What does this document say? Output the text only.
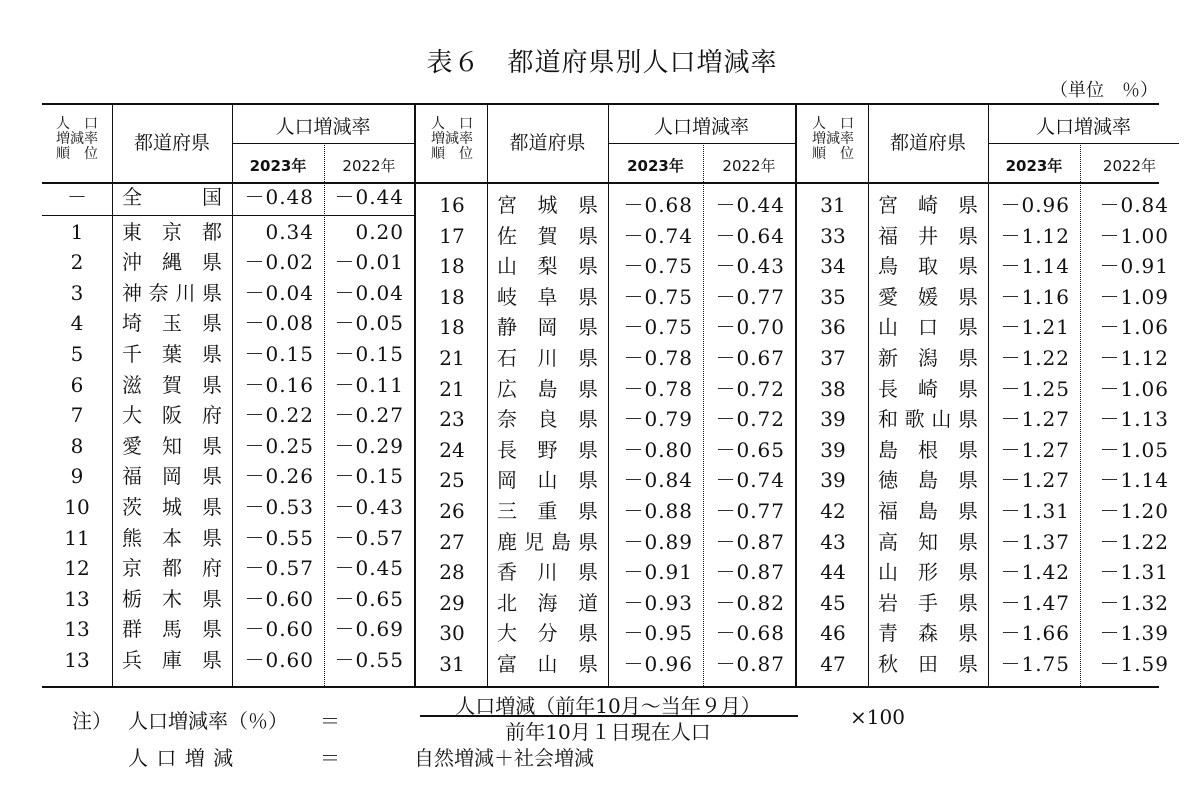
表６　都道府県別人口増減率
（単位　％）
人　口
増減率
順　位	都道府県
人口増減率
2023年	2022年
人　口
増減率
順　位	都道府県
人口増減率
2023年	2022年
人　口
増減率
順　位	都道府県
人口増減率
2023年	2022年
－	全	国	－0.48	－0.44
1	東 京 都	0.34	0.20
2	沖 縄 県	－0.02	－0.01
3	神 奈 川 県	－0.04	－0.04
4	埼 玉 県	－0.08	－0.05
5	千 葉 県	－0.15	－0.15
6	滋 賀 県	－0.16	－0.11
7	大 阪 府	－0.22	－0.27
8	愛 知 県	－0.25	－0.29
9	福 岡 県	－0.26	－0.15
10	茨 城 県	－0.53	－0.43
11	熊 本 県	－0.55	－0.57
12	京 都 府	－0.57	－0.45
13	栃 木 県	－0.60	－0.65
13	群 馬 県	－0.60	－0.69
13	兵 庫 県	－0.60	－0.55
16	宮 城 県	－0.68	－0.44
17	佐 賀 県	－0.74	－0.64
18	山 梨 県	－0.75	－0.43
18	岐 阜 県	－0.75	－0.77
18	静 岡 県	－0.75	－0.70
21	石 川 県	－0.78	－0.67
21	広 島 県	－0.78	－0.72
23	奈 良 県	－0.79	－0.72
24	長 野 県	－0.80	－0.65
25	岡 山 県	－0.84	－0.74
26	三 重 県	－0.88	－0.77
27	鹿 児 島 県	－0.89	－0.87
28	香 川 県	－0.91	－0.87
29	北 海 道	－0.93	－0.82
30	大 分 県	－0.95	－0.68
31	富 山 県	－0.96	－0.87
31	宮 崎 県	－0.96	－0.84
33	福 井 県	－1.12	－1.00
34	鳥 取 県	－1.14	－0.91
35	愛 媛 県	－1.16	－1.09
36	山 口 県	－1.21	－1.06
37	新 潟 県	－1.22	－1.12
38	長 崎 県	－1.25	－1.06
39	和 歌 山 県	－1.27	－1.13
39	島 根 県	－1.27	－1.05
39	徳 島 県	－1.27	－1.14
42	福 島 県	－1.31	－1.20
43	高 知 県	－1.37	－1.22
44	山 形 県	－1.42	－1.31
45	岩 手 県	－1.47	－1.32
46	青 森 県	－1.66	－1.39
47	秋 田 県	－1.75	－1.59
注） 人口増減率（％） ＝
人口増減（前年10月～当年９月）
前年10月１日現在人口
×100
人 口 増 減	＝	自然増減＋社会増減
